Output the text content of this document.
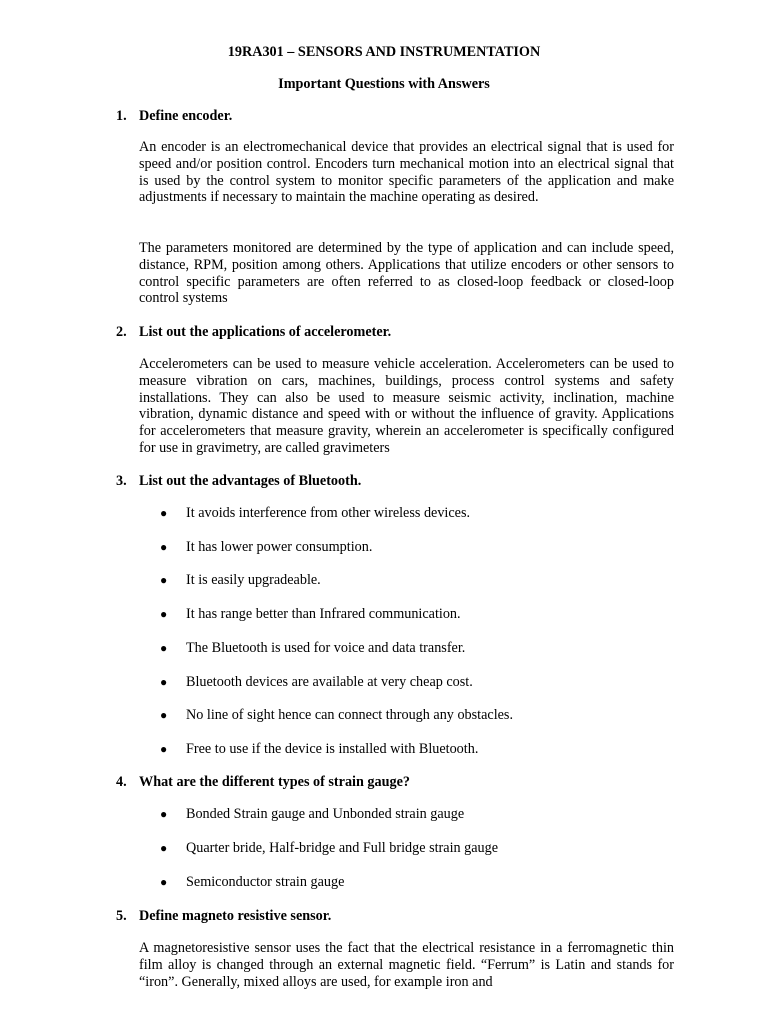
19RA301 – SENSORS AND INSTRUMENTATION
Important Questions with Answers
1. Define encoder.
An encoder is an electromechanical device that provides an electrical signal that is used for speed and/or position control. Encoders turn mechanical motion into an electrical signal that is used by the control system to monitor specific parameters of the application and make adjustments if necessary to maintain the machine operating as desired.
The parameters monitored are determined by the type of application and can include speed, distance, RPM, position among others. Applications that utilize encoders or other sensors to control specific parameters are often referred to as closed-loop feedback or closed-loop control systems
2. List out the applications of accelerometer.
Accelerometers can be used to measure vehicle acceleration. Accelerometers can be used to measure vibration on cars, machines, buildings, process control systems and safety installations. They can also be used to measure seismic activity, inclination, machine vibration, dynamic distance and speed with or without the influence of gravity. Applications for accelerometers that measure gravity, wherein an accelerometer is specifically configured for use in gravimetry, are called gravimeters
3. List out the advantages of Bluetooth.
● It avoids interference from other wireless devices.
● It has lower power consumption.
● It is easily upgradeable.
● It has range better than Infrared communication.
● The Bluetooth is used for voice and data transfer.
● Bluetooth devices are available at very cheap cost.
● No line of sight hence can connect through any obstacles.
● Free to use if the device is installed with Bluetooth.
4. What are the different types of strain gauge?
● Bonded Strain gauge and Unbonded strain gauge
● Quarter bride, Half-bridge and Full bridge strain gauge
● Semiconductor strain gauge
5. Define magneto resistive sensor.
A magnetoresistive sensor uses the fact that the electrical resistance in a ferromagnetic thin film alloy is changed through an external magnetic field. “Ferrum” is Latin and stands for “iron”. Generally, mixed alloys are used, for example iron and
